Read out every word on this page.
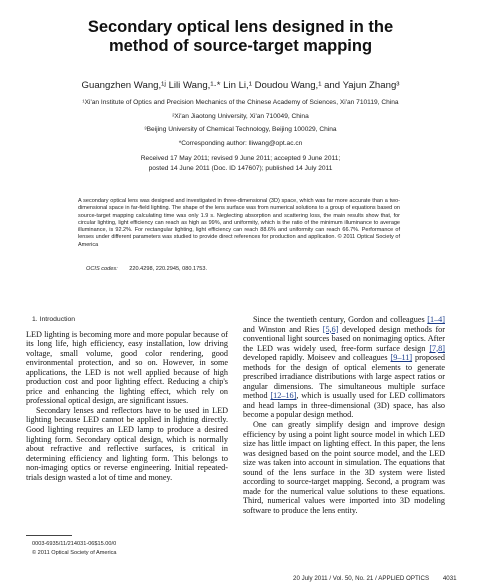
Secondary optical lens designed in the
method of source-target mapping
Guangzhen Wang,¹ʲ Lili Wang,¹·* Lin Li,¹ Doudou Wang,¹ and Yajun Zhang³
¹Xi'an Institute of Optics and Precision Mechanics of the Chinese Academy of Sciences, Xi'an 710119, China
²Xi'an Jiaotong University, Xi'an 710049, China
³Beijing University of Chemical Technology, Beijing 100029, China
*Corresponding author: lliwang@opt.ac.cn
Received 17 May 2011; revised 9 June 2011; accepted 9 June 2011;
posted 14 June 2011 (Doc. ID 147607); published 14 July 2011
A secondary optical lens was designed and investigated in three-dimensional (3D) space, which was far more accurate than a two-dimensional space in far-field lighting. The shape of the lens surface was from numerical solutions to a group of equations based on source-target mapping calculating time was only 1.9 s. Neglecting absorption and scattering loss, the main results show that, for circular lighting, light efficiency can reach as high as 99%, and uniformity, which is the ratio of the minimum illuminance to average illuminance, is 92.2%. For rectangular lighting, light efficiency can reach 88.6% and uniformity can reach 66.7%. Performance of lenses under different parameters was studied to provide direct references for production and application. © 2011 Optical Society of America
OCIS codes: 220.4298, 220.2945, 080.1753.
1. Introduction

LED lighting is becoming more and more popular because of its long life, high efficiency, easy installation, low driving voltage, small volume, good color rendering, good environmental protection, and so on. However, in some applications, the LED is not well applied because of high production cost and poor lighting effect. Reducing a chip's price and enhancing the lighting effect, which rely on professional optical design, are significant issues.

Secondary lenses and reflectors have to be used in LED lighting because LED cannot be applied in lighting directly. Good lighting requires an LED lamp to produce a desired lighting form. Secondary optical design, which is normally about refractive and reflective surfaces, is critical in determining efficiency and lighting form. This belongs to non-imaging optics or reverse engineering. Initial repeated-trials design wasted a lot of time and money.

Since the twentieth century, Gordon and colleagues [1–4] and Winston and Ries [5,6] developed design methods for conventional light sources based on nonimaging optics. After the LED was widely used, free-form surface design [7,8] developed rapidly. Moiseev and colleagues [9–11] proposed methods for the design of optical elements to generate prescribed irradiance distributions with large aspect ratios or angular dimensions. The simultaneous multiple surface method [12–16], which is usually used for LED collimators and head lamps in three-dimensional (3D) space, has also become a popular design method.

One can greatly simplify design and improve design efficiency by using a point light source model in which LED size has little impact on lighting effect. In this paper, the lens was designed based on the point source model, and the LED size was taken into account in simulation. The equations that sound of the lens surface in the 3D system were listed according to source-target mapping. Second, a program was made for the numerical value solutions to these equations. Third, numerical values were imported into 3D modeling software to produce the lens entity.

0003-6935/11/214031-06$15.00/0
© 2011 Optical Society of America
20 July 2011 / Vol. 50, No. 21 / APPLIED OPTICS 4031
